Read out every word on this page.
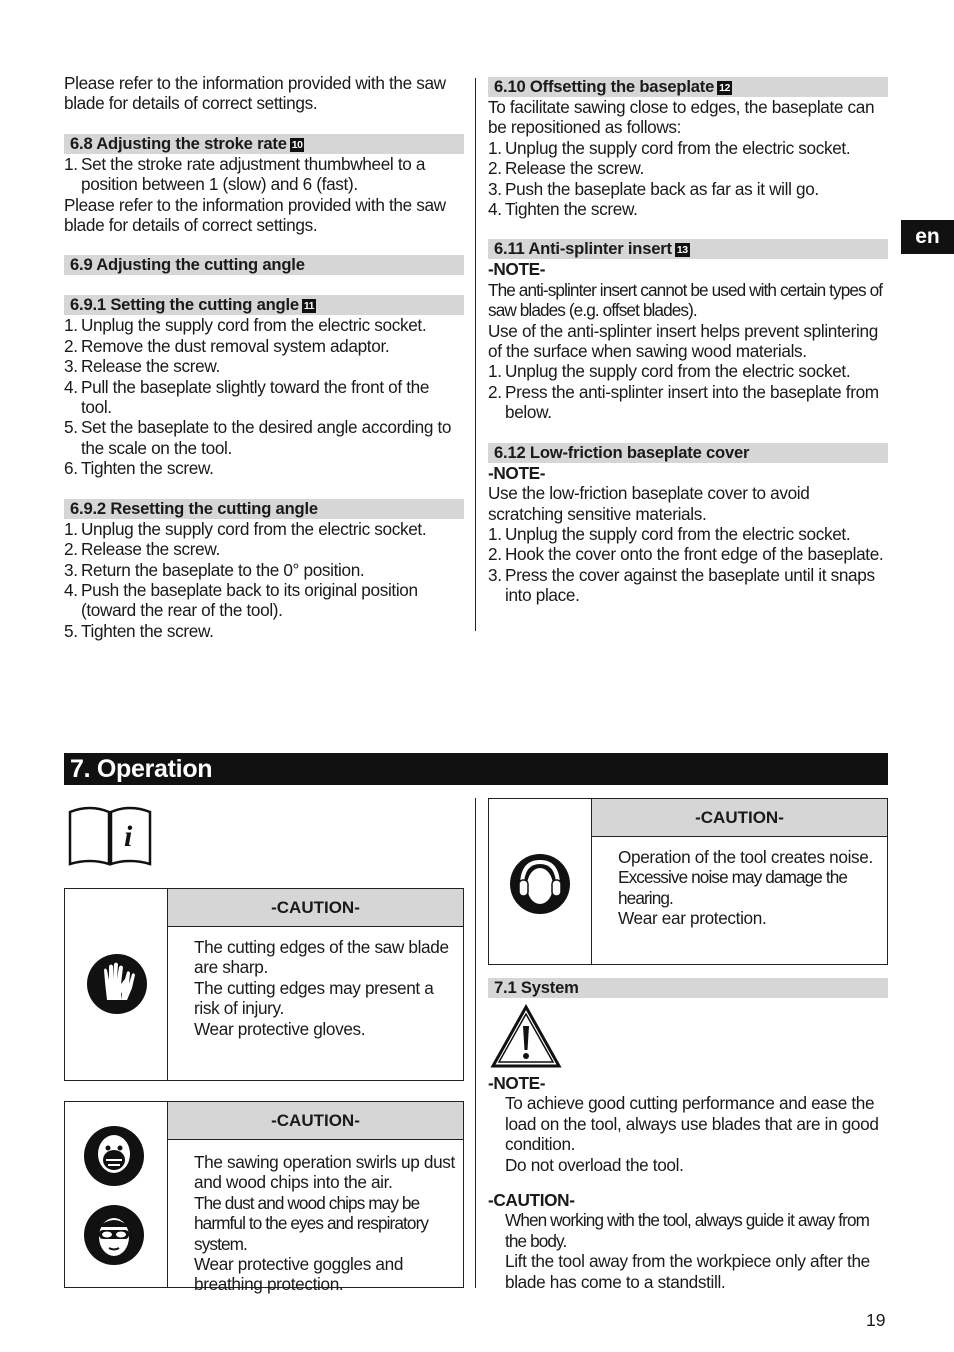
en

Please refer to the information provided with the saw blade for details of correct settings.

6.8 Adjusting the stroke rate 10
1. Set the stroke rate adjustment thumbwheel to a position between 1 (slow) and 6 (fast).

Please refer to the information provided with the saw blade for details of correct settings.

6.9 Adjusting the cutting angle
6.9.1 Setting the cutting angle 11
1. Unplug the supply cord from the electric socket.
2. Remove the dust removal system adaptor.
3. Release the screw.
4. Pull the baseplate slightly toward the front of the tool.
5. Set the baseplate to the desired angle according to the scale on the tool.
6. Tighten the screw.
6.9.2 Resetting the cutting angle
1. Unplug the supply cord from the electric socket.
2. Release the screw.
3. Return the baseplate to the 0° position.
4. Push the baseplate back to its original position (toward the rear of the tool).
5. Tighten the screw.
6.10 Offsetting the baseplate 12

To facilitate sawing close to edges, the baseplate can be repositioned as follows:

1. Unplug the supply cord from the electric socket.
2. Release the screw.
3. Push the baseplate back as far as it will go.
4. Tighten the screw.
6.11 Anti-splinter insert 13

-NOTE-

The anti-splinter insert cannot be used with certain types of saw blades (e.g. offset blades).

Use of the anti-splinter insert helps prevent splintering of the surface when sawing wood materials.

1. Unplug the supply cord from the electric socket.
2. Press the anti-splinter insert into the baseplate from below.
6.12 Low-friction baseplate cover

-NOTE-

Use the low-friction baseplate cover to avoid scratching sensitive materials.

1. Unplug the supply cord from the electric socket.
2. Hook the cover onto the front edge of the baseplate.
3. Press the cover against the baseplate until it snaps into place.
7. Operation
i
-CAUTION-

The cutting edges of the saw blade are sharp.

The cutting edges may present a risk of injury.

Wear protective gloves.

-CAUTION-

The sawing operation swirls up dust and wood chips into the air.

The dust and wood chips may be harmful to the eyes and respiratory system.

Wear protective goggles and breathing protection.

-CAUTION-

Operation of the tool creates noise.

Excessive noise may damage the hearing.

Wear ear protection.

7.1 System

-NOTE-

To achieve good cutting performance and ease the load on the tool, always use blades that are in good condition.

Do not overload the tool.

-CAUTION-

When working with the tool, always guide it away from the body.

Lift the tool away from the workpiece only after the blade has come to a standstill.

19
